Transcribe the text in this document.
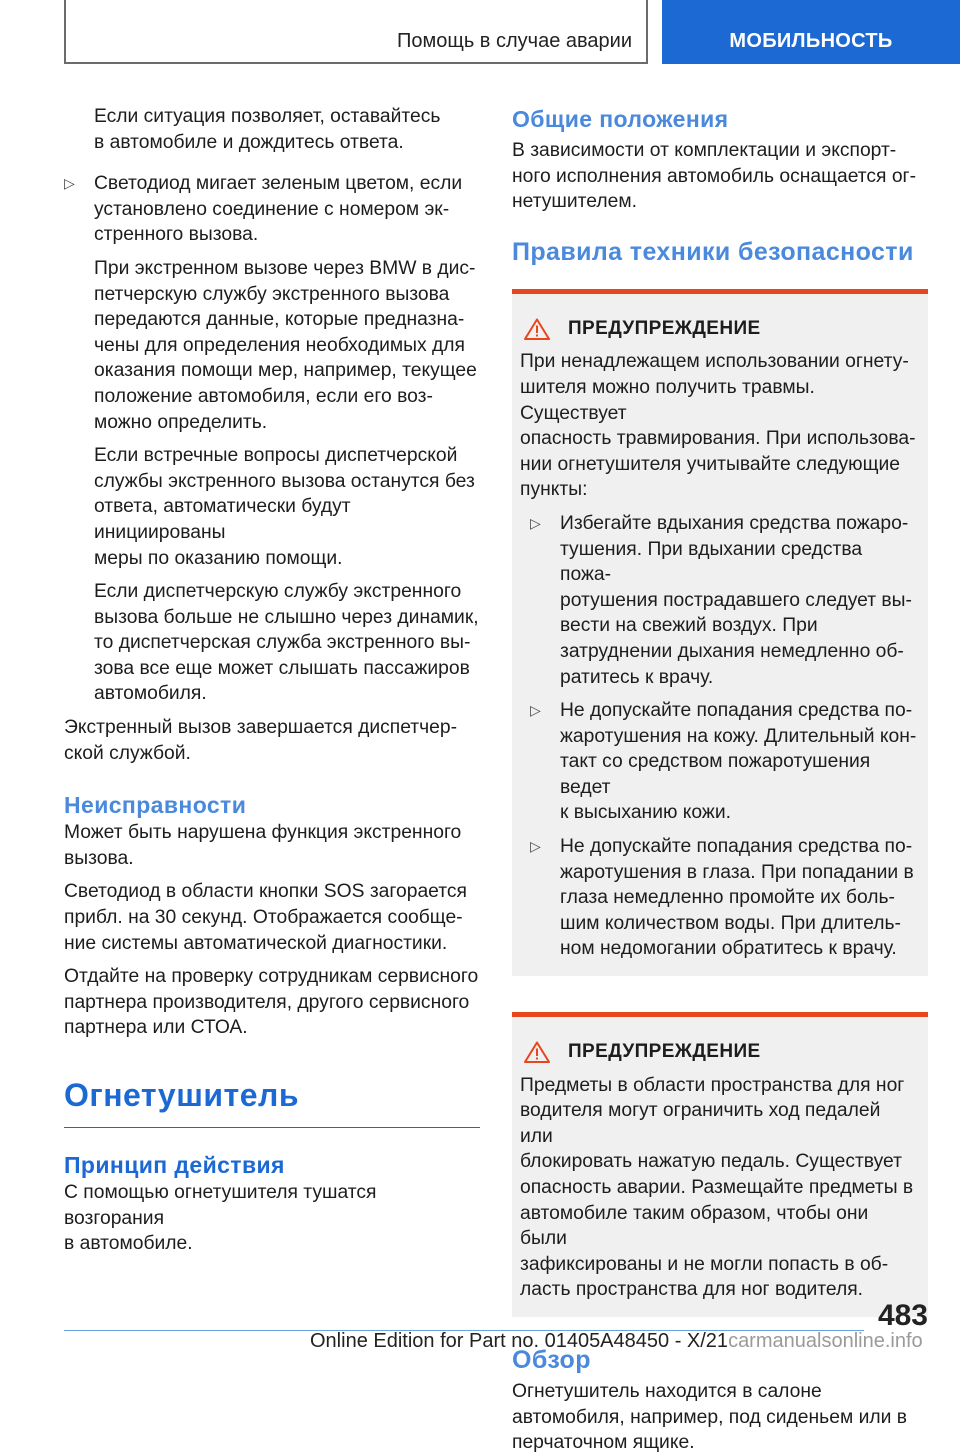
Помощь в случае аварии	МОБИЛЬНОСТЬ

Если ситуация позволяет, оставайтесь
в автомобиле и дождитесь ответа.

▷ Светодиод мигает зеленым цветом, если
установлено соединение с номером эк-
стренного вызова.

При экстренном вызове через BMW в дис-
петчерскую службу экстренного вызова
передаются данные, которые предназна-
чены для определения необходимых для
оказания помощи мер, например, текущее
положение автомобиля, если его воз-
можно определить.

Если встречные вопросы диспетчерской
службы экстренного вызова останутся без
ответа, автоматически будут инициированы
меры по оказанию помощи.

Если диспетчерскую службу экстренного
вызова больше не слышно через динамик,
то диспетчерская служба экстренного вы-
зова все еще может слышать пассажиров
автомобиля.

Экстренный вызов завершается диспетчер-
ской службой.

Неисправности

Может быть нарушена функция экстренного
вызова.

Светодиод в области кнопки SOS загорается
прибл. на 30 секунд. Отображается сообще-
ние системы автоматической диагностики.

Отдайте на проверку сотрудникам сервисного
партнера производителя, другого сервисного
партнера или СТОА.

Огнетушитель
Принцип действия

С помощью огнетушителя тушатся возгорания
в автомобиле.

Общие положения

В зависимости от комплектации и экспорт-
ного исполнения автомобиль оснащается ог-
нетушителем.

Правила техники безопасности
ПРЕДУПРЕЖДЕНИЕ

При ненадлежащем использовании огнету-
шителя можно получить травмы. Существует
опасность травмирования. При использова-
нии огнетушителя учитывайте следующие
пункты:

▷ Избегайте вдыхания средства пожаро-
тушения. При вдыхании средства пожа-
ротушения пострадавшего следует вы-
вести на свежий воздух. При
затруднении дыхания немедленно об-
ратитесь к врачу.

▷ Не допускайте попадания средства по-
жаротушения на кожу. Длительный кон-
такт со средством пожаротушения ведет
к высыханию кожи.

▷ Не допускайте попадания средства по-
жаротушения в глаза. При попадании в
глаза немедленно промойте их боль-
шим количеством воды. При длитель-
ном недомогании обратитесь к врачу.

ПРЕДУПРЕЖДЕНИЕ

Предметы в области пространства для ног
водителя могут ограничить ход педалей или
блокировать нажатую педаль. Существует
опасность аварии. Размещайте предметы в
автомобиле таким образом, чтобы они были
зафиксированы и не могли попасть в об-
ласть пространства для ног водителя.

Обзор

Огнетушитель находится в салоне
автомобиля, например, под сиденьем или в
перчаточном ящике.

483
Online Edition for Part no. 01405A48450 - X/21carmanualsonline.info
